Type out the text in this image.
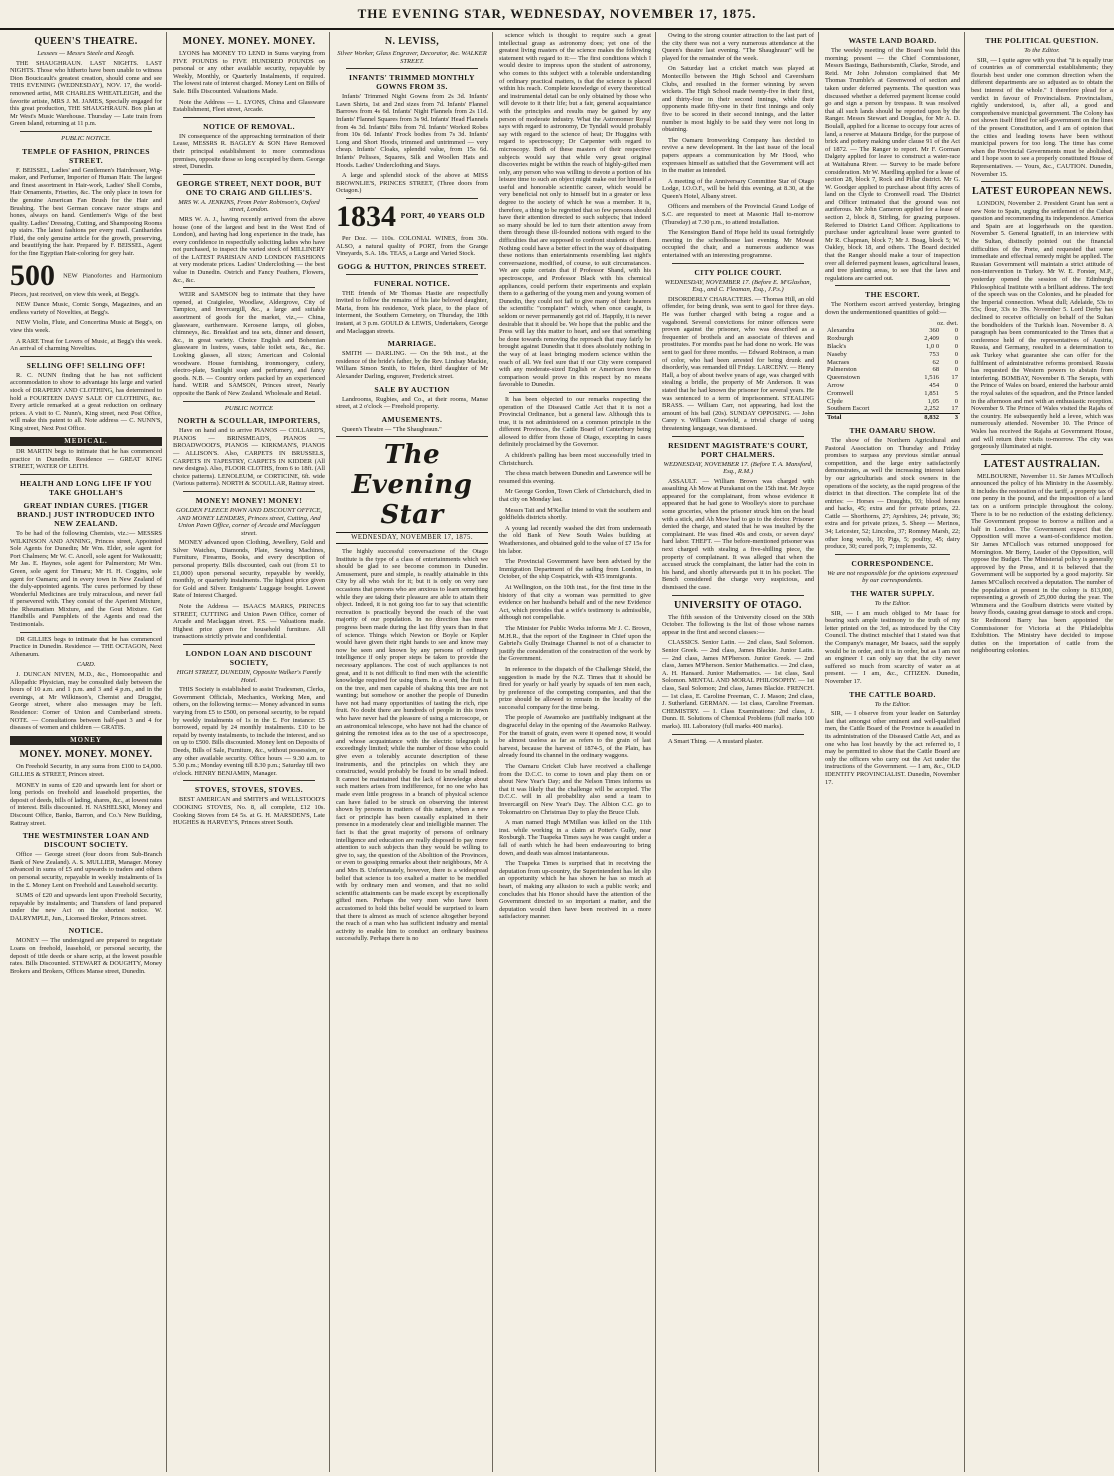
THE EVENING STAR, WEDNESDAY, NOVEMBER 17, 1875.
QUEEN'S THEATRE.
Lessees — Messrs Steele and Keogh.

THE SHAUGHRAUN. LAST NIGHTS. LAST NIGHTS. Those who hitherto have been unable to witness Dion Boucicault's greatest creation, should come and see THIS EVENING (WEDNESDAY), NOV. 17, the world-renowned artist, MR CHARLES WHEATLEIGH, and the favorite artiste, MRS J. M. JAMES, Specially engaged for this great production, THE SHAUGHRAUN. Box plan at Mr West's Music Warehouse. Thursday — Late train from Green Island, returning at 11 p.m.

PUBLIC NOTICE.
TEMPLE OF FASHION, PRINCES STREET.

F. BEISSEL, Ladies' and Gentlemen's Hairdresser, Wig-maker, and Perfumer, Importer of Human Hair. The largest and finest assortment in Hair-work, Ladies' Shell Combs, Hair Ornaments, Frisettes, &c. The only place in town for the genuine American Fan Brush for the Hair and Brushing. The best German concave razor straps and hones, always on hand. Gentlemen's Wigs of the best quality. Ladies' Dressing, Cutting, and Shampooing Rooms up stairs. The latest fashions per every mail. Cantharides Fluid, the only genuine article for the growth, preserving, and beautifying the hair. Prepared by F. BEISSEL, Agent for the fine Egyptian Hair-coloring for grey hair.

500 NEW Pianofortes and Harmonium Pieces, just received, on view this week, at Begg's.

NEW Dance Music, Comic Songs, Magazines, and an endless variety of Novelties, at Begg's.

NEW Violin, Flute, and Concertina Music at Begg's, on view this week.

A RARE Treat for Lovers of Music, at Begg's this week. An arrival of charming Novelties.

SELLING OFF! SELLING OFF!

R. C. NUNN finding that he has not sufficient accommodation to show to advantage his large and varied stock of DRAPERY AND CLOTHING, has determined to hold a FOURTEEN DAYS' SALE OF CLOTHING, &c. Every article remarked at a great reduction on ordinary prices. A visit to C. Nunn's, King street, next Post Office, will make this patent to all. Note address — C. NUNN'S, King street, Next Post Office.

MEDICAL.

DR MARTIN begs to intimate that he has commenced practice in Dunedin. Residence — GREAT KING STREET, WATER OF LEITH.

HEALTH AND LONG LIFE IF YOU TAKE GHOLLAH'S
GREAT INDIAN CURES. [TIGER BRAND.] JUST INTRODUCED INTO NEW ZEALAND.

To be had of the following Chemists, viz.:— MESSRS WILKINSON AND ANNING, Princes street, Appointed Sole Agents for Dunedin; Mr Wm. Elder, sole agent for Port Chalmers; Mr W. C. Ancell, sole agent for Waikouaiti; Mr Jas. E. Haynes, sole agent for Palmerston; Mr Wm. Green, sole agent for Timaru; Mr H. H. Coggins, sole agent for Oamaru; and in every town in New Zealand of the duly-appointed agents. The cures performed by these Wonderful Medicines are truly miraculous, and never fail if persevered with. They consist of the Aperient Mixture, the Rheumatism Mixture, and the Gout Mixture. Get Handbills and Pamphlets of the Agents and read the Testimonials.

DR GILLIES begs to intimate that he has commenced Practice in Dunedin. Residence — THE OCTAGON, Next Athenæum.

CARD.

J. DUNCAN NIVEN, M.D., &c., Homoeopathic and Allopathic Physician, may be consulted daily between the hours of 10 a.m. and 1 p.m. and 3 and 4 p.m., and in the evenings, at Mr Wilkinson's, Chemist and Druggist, George street, where also messages may be left. Residence: Corner of Union and Cumberland streets. NOTE. — Consultations between half-past 3 and 4 for diseases of women and children — GRATIS.

MONEY
MONEY. MONEY. MONEY.

On Freehold Security, in any sums from £100 to £4,000. GILLIES & STREET, Princes street.

MONEY in sums of £20 and upwards lent for short or long periods on freehold and leasehold properties, the deposit of deeds, bills of lading, shares, &c., at lowest rates of interest. Bills discounted. H. NASHELSKI, Money and Discount Office, Banks, Barron, and Co.'s New Building, Rattray street.

THE WESTMINSTER LOAN AND DISCOUNT SOCIETY.

Office — George street (four doors from Sub-Branch Bank of New Zealand). A. S. MULLIER, Manager. Money advanced in sums of £5 and upwards to traders and others on personal security, repayable in weekly instalments of 1s in the £. Money Lent on Freehold and Leasehold security.

SUMS of £20 and upwards lent upon Freehold Security, repayable by instalments; and Transfers of land prepared under the new Act on the shortest notice. W. DALRYMPLE, Jun., Licensed Broker, Princes street.

NOTICE.

MONEY — The undersigned are prepared to negotiate Loans on freehold, leasehold, or personal security, the deposit of title deeds or share scrip, at the lowest possible rates. Bills Discounted. STEWART & DOUGHTY, Money Brokers and Brokers, Offices Manse street, Dunedin.

MONEY. MONEY. MONEY.

LYONS has MONEY TO LEND in Sums varying from FIVE POUNDS to FIVE HUNDRED POUNDS on personal or any other available security, repayable by Weekly, Monthly, or Quarterly Instalments, if required. The lowest rate of interest charged. Money Lent on Bills of Sale. Bills Discounted. Valuations Made.

Note the Address — L. LYONS, China and Glassware Establishment, Fleet street, Arcade.

NOTICE OF REMOVAL.

IN consequence of the approaching termination of their Lease, MESSRS R. BAGLEY & SON Have Removed their principal establishment to more commodious premises, opposite those so long occupied by them. George street, Dunedin.

GEORGE STREET, NEXT DOOR, BUT ONE TO CRAIG AND GILLIES'S.
MRS W. A. JENKINS, From Peter Robinson's, Oxford street, London.

MRS W. A. J., having recently arrived from the above house (one of the largest and best in the West End of London), and having had long experience in the trade, has every confidence in respectfully soliciting ladies who have not purchased, to inspect the varied stock of MILLINERY of the LATEST PARISIAN AND LONDON FASHIONS at very moderate prices. Ladies' Underclothing — the best value in Dunedin. Ostrich and Fancy Feathers, Flowers, &c., &c.

WEIR and SAMSON beg to intimate that they have opened, at Craigielee, Woodlaw, Aldergrove, City of Tampico, and Invercargill, &c., a large and suitable assortment of goods for the market, viz.,— China, glassware, earthenware. Kerosene lamps, oil globes, chimneys, &c. Breakfast and tea sets, dinner and dessert, &c., in great variety. Choice English and Bohemian glassware in lustres, vases, table toilet sets, &c., &c. Looking glasses, all sizes; American and Colonial woodware. House furnishing, ironmongery, cutlery, electro-plate, Sunlight soap and perfumery, and fancy goods. N.B. — Country orders packed by an experienced hand. WEIR and SAMSON, Princes street, Nearly opposite the Bank of New Zealand. Wholesale and Retail.

PUBLIC NOTICE
NORTH & SCOULLAR, IMPORTERS,

Have on hand and to arrive PIANOS — COLLARD'S, PIANOS — BRINSMEAD'S, PIANOS — BROADWOOD'S, PIANOS — KIRKMAN'S, PIANOS — ALLISON'S. Also, CARPETS IN BRUSSELS, CARPETS IN TAPESTRY, CARPETS IN KIDDER (All new designs). Also, FLOOR CLOTHS, from 6 to 18ft. (All choice patterns). LENOLEUM, or CORTICINE, 6ft. wide (Various patterns). NORTH & SCOULLAR, Rattray street.

MONEY! MONEY! MONEY!
GOLDEN FLEECE PAWN AND DISCOUNT OFFICE, AND MONEY LENDERS, Princes street, Cutting, And Union Pawn Office, corner of Arcade and Maclaggan street.

MONEY advanced upon Clothing, Jewellery, Gold and Silver Watches, Diamonds, Plate, Sewing Machines, Furniture, Firearms, Books, and every description of personal property. Bills discounted, cash out (from £1 to £1,000) upon personal security, repayable by weekly, monthly, or quarterly instalments. The highest price given for Gold and Silver. Emigrants' Luggage bought. Lowest Rate of Interest Charged.

Note the Address — ISAACS MARKS, PRINCES STREET, CUTTING and Union Pawn Office, corner of Arcade and Maclaggan street. P.S. — Valuations made. Highest price given for household furniture. All transactions strictly private and confidential.

LONDON LOAN AND DISCOUNT SOCIETY,
HIGH STREET, DUNEDIN, Opposite Walker's Family Hotel.

THIS Society is established to assist Tradesmen, Clerks, Government Officials, Mechanics, Working Men, and others, on the following terms:— Money advanced in sums varying from £5 to £500, on personal security, to be repaid by weekly instalments of 1s in the £. For instance: £5 borrowed, repaid by 24 monthly instalments. £10 to be repaid by twenty instalments, to include the interest, and so on up to £500. Bills discounted. Money lent on Deposits of Deeds, Bills of Sale, Furniture, &c., without possession, or any other available security. Office hours — 9.30 a.m. to 5.30 p.m.; Monday evening till 8.30 p.m.; Saturday till two o'clock. HENRY BENJAMIN, Manager.

STOVES, STOVES, STOVES.

BEST AMERICAN and SMITH'S and WELLSTOOD'S COOKING STOVES, No. 8, all complete, £12 10s. Cooking Stoves from £4 5s. at G. H. MARSDEN'S, Late HUGHES & HARVEY'S, Princes street South.

N. LEVISS,
Silver Worker, Glass Engraver, Decorator, &c. WALKER STREET.
INFANTS' TRIMMED MONTHLY GOWNS FROM 3S.

Infants' Trimmed Night Gowns from 2s 3d. Infants' Lawn Shirts, 1st and 2nd sizes from 7d. Infants' Flannel Barrows from 4s 6d. Infants' Night Flannels from 2s 11d. Infants' Flannel Squares from 3s 9d. Infants' Head Flannels from 4s 3d. Infants' Bibs from 7d. Infants' Worked Robes from 10s 6d. Infants' Frock bodies from 7s 3d. Infants' Long and Short Hoods, trimmed and untrimmed — very cheap. Infants' Cloaks, splendid value, from 15s 6d. Infants' Pelisses, Squares, Silk and Woollen Hats and Hoods. Ladies' Underclothing and Stays.

A large and splendid stock of the above at MISS BROWNLIE'S, PRINCES STREET, (Three doors from Octagon.)

1834 PORT, 40 YEARS OLD

Per Doz. — 110s. COLONIAL WINES, from 30s. ALSO, a natural quality of PORT, from the Grange Vineyards, S.A. 18s. TEAS, a Large and Varied Stock.

GOGG & HUTTON, PRINCES STREET.
FUNERAL NOTICE.

THE friends of Mr Thomas Hastie are respectfully invited to follow the remains of his late beloved daughter, Maria, from his residence, York place, to the place of interment, the Southern Cemetery, on Thursday, the 18th instant, at 3 p.m. GOULD & LEWIS, Undertakers, George and Maclaggan streets.

MARRIAGE.

SMITH — DARLING. — On the 9th inst., at the residence of the bride's father, by the Rev. Lindsay Mackie, William Simon Smith, to Helen, third daughter of Mr Alexander Darling, engraver, Frederick street.

SALE BY AUCTION

Landrooms, Rugbies, and Co., at their rooms, Manse street, at 2 o'clock — Freehold property.

AMUSEMENTS.

Queen's Theatre — "The Shaughraun."

The Evening Star
WEDNESDAY, NOVEMBER 17, 1875.

The highly successful conversazione of the Otago Institute is the type of a class of entertainments which we should be glad to see become common in Dunedin. Amusement, pure and simple, is readily attainable in this City by all who wish for it; but it is only on very rare occasions that persons who are anxious to learn something while they are taking their pleasure are able to attain their object. Indeed, it is not going too far to say that scientific recreation is practically beyond the reach of the vast majority of our population. In no direction has more progress been made during the last fifty years than in that of science. Things which Newton or Boyle or Kepler would have given their right hands to see and know may now be seen and known by any persons of ordinary intelligence if only proper steps be taken to provide the necessary appliances. The cost of such appliances is not great, and it is not difficult to find men with the scientific knowledge required for using them. In a word, the fruit is on the tree, and men capable of shaking this tree are not wanting; but somehow or another the people of Dunedin have not had many opportunities of tasting the rich, ripe fruit. No doubt there are hundreds of people in this town who have never had the pleasure of using a microscope, or an astronomical telescope, who have not had the chance of gaining the remotest idea as to the use of a spectroscope, and whose acquaintance with the electric telegraph is exceedingly limited; while the number of those who could give even a tolerably accurate description of these instruments, and the principles on which they are constructed, would probably be found to be small indeed. It cannot be maintained that the lack of knowledge about such matters arises from indifference, for no one who has made even little progress in a branch of physical science can have failed to be struck on observing the interest shown by persons in matters of this nature, when a new fact or principle has been casually explained in their presence in a moderately clear and intelligible manner. The fact is that the great majority of persons of ordinary intelligence and education are really disposed to pay more attention to such subjects than they would be willing to give to, say, the question of the Abolition of the Provinces, or even to gossiping remarks about their neighbours, Mr A and Mrs B. Unfortunately, however, there is a widespread belief that science is too exalted a matter to be meddled with by ordinary men and women, and that no solid scientific attainments can be made except by exceptionally gifted men. Perhaps the very men who have been accustomed to hold this belief would be surprised to learn that there is almost as much of science altogether beyond the reach of a man who has sufficient industry and mental activity to enable him to conduct an ordinary business successfully. Perhaps there is no

science which is thought to require such a great intellectual grasp as astronomy does; yet one of the greatest living masters of the science makes the following statement with regard to it:— The first conditions which I would desire to impress upon the student of astronomy, who comes to this subject with a tolerable understanding of ordinary practical matters, is that the science is placed within his reach. Complete knowledge of every theoretical and instrumental detail can be only obtained by those who will devote to it their life; but a fair, general acquaintance with the principles and results may be gained by any person of moderate industry. What the Astronomer Royal says with regard to astronomy, Dr Tyndall would probably say with regard to the science of heat; Dr Huggins with regard to spectroscopy; Dr Carpenter with regard to microscopy. Both of these masters of their respective subjects would say that while very great original discoveries might be within the reach of highly-gifted men only, any person who was willing to devote a portion of his leisure time to such an object might make out for himself a useful and honorable scientific career, which would be very beneficial not only to himself but in a greater or less degree to the society of which he was a member. It is, therefore, a thing to be regretted that so few persons should have their attention directed to such subjects; that indeed so many should be led to turn their attention away from them through these ill-founded notions with regard to the difficulties that are supposed to confront students of them. Nothing could have a better effect in the way of dissipating these notions than entertainments resembling last night's conversazione, modified, of course, to suit circumstances. We are quite certain that if Professor Shand, with his spectroscope, and Professor Black with his chemical appliances, could perform their experiments and explain them to a gathering of the young men and young women of Dunedin, they could not fail to give many of their hearers the scientific "complaint" which, when once caught, is seldom or never permanently got rid of. Happily, it is never desirable that it should be. We hope that the public and the Press will lay this matter to heart, and see that something be done towards removing the reproach that may fairly be brought against Dunedin that it does absolutely nothing in the way of at least bringing modern science within the reach of all. We feel sure that if our City were compared with any moderate-sized English or American town the comparison would prove in this respect by no means favorable to Dunedin.

It has been objected to our remarks respecting the operation of the Diseased Cattle Act that it is not a Provincial Ordinance, but a general law. Although this is true, it is not administered on a common principle in the different Provinces, the Cattle Board of Canterbury being allowed to differ from those of Otago, excepting in cases definitely proclaimed by the Governor.

A children's palling has been most successfully tried in Christchurch.

The chess match between Dunedin and Lawrence will be resumed this evening.

Mr George Gordon, Town Clerk of Christchurch, died in that city on Monday last.

Messrs Tait and M'Kellar intend to visit the southern and goldfields districts shortly.

A young lad recently washed the dirt from underneath the old Bank of New South Wales building at Weatherstones, and obtained gold to the value of £7 15s for his labor.

The Provincial Government have been advised by the Immigration Department of the sailing from London, in October, of the ship Cospatrick, with 435 immigrants.

At Wellington, on the 10th inst., for the first time in the history of that city a woman was permitted to give evidence on her husband's behalf and of the new Evidence Act, which provides that a wife's testimony is admissible, although not compellable.

The Minister for Public Works informs Mr J. C. Brown, M.H.R., that the report of the Engineer in Chief upon the Gabriel's Gully Drainage Channel is not of a character to justify the consideration of the construction of the work by the Government.

In reference to the dispatch of the Challenge Shield, the suggestion is made by the N.Z. Times that it should be fired for yearly or half yearly by squads of ten men each, by preference of the competing companies, and that the prize should be allowed to remain in the locality of the successful company for the time being.

The people of Awamoko are justifiably indignant at the disgraceful delay in the opening of the Awamoko Railway. For the transit of grain, even were it opened now, it would be almost useless as far as refers to the grain of last harvest, because the harvest of 1874-5, of the Plain, has already found its channel in the ordinary waggons.

The Oamaru Cricket Club have received a challenge from the D.C.C. to come to town and play them on or about New Year's Day; and the Nelson Times informs us that it was likely that the challenge will be accepted. The D.C.C. will in all probability also send a team to Invercargill on New Year's Day. The Albion C.C. go to Tokomairiro on Christmas Day to play the Bruce Club.

A man named Hugh M'Millan was killed on the 11th inst. while working in a claim at Potter's Gully, near Roxburgh. The Tuapeka Times says he was caught under a fall of earth which he had been endeavouring to bring down, and death was almost instantaneous.

The Tuapeka Times is surprised that in receiving the deputation from up-country, the Superintendent has let slip an opportunity which he has shown he has so much at heart, of making any allusion to such a public work; and concludes that his Honor should have the attention of the Government directed to so important a matter, and the deputation would then have been received in a more satisfactory manner.

Owing to the strong counter attraction to the last part of the city there was not a very numerous attendance at the Queen's theatre last evening. "The Shaughraun" will be played for the remainder of the week.

On Saturday last a cricket match was played at Montecillo between the High School and Caversham Clubs, and resulted in the former winning by seven wickets. The High School made twenty-five in their first, and thirty-four in their second innings, while their opponents made fifty-one in their first innings and only five to be scored in their second innings, and the latter number is most highly to be said they were not long in obtaining.

The Oamaru Ironworking Company has decided to revive a new development. In the last issue of the local papers appears a communication by Mr Hood, who expresses himself as satisfied that the Government will act in the matter as intended.

A meeting of the Anniversary Committee Star of Otago Lodge, I.O.O.F., will be held this evening, at 8.30, at the Queen's Hotel, Albany street.

Officers and members of the Provincial Grand Lodge of S.C. are requested to meet at Masonic Hall to-morrow (Thursday) at 7.30 p.m., to attend installation.

The Kensington Band of Hope held its usual fortnightly meeting in the schoolhouse last evening. Mr Mowat occupied the chair, and a numerous audience was entertained with an interesting programme.

CITY POLICE COURT.
WEDNESDAY, NOVEMBER 17. (Before E. M'Glashan, Esq., and C. Fleaman, Esq., J.P.s.)

DISORDERLY CHARACTERS. — Thomas Hill, an old offender, for being drunk, was sent to gaol for three days. He was further charged with being a rogue and a vagabond. Several convictions for minor offences were proven against the prisoner, who was described as a frequenter of brothels and an associate of thieves and prostitutes. For months past he had done no work. He was sent to gaol for three months. — Edward Robinson, a man of color, who had been arrested for being drunk and disorderly, was remanded till Friday. LARCENY. — Henry Hall, a boy of about twelve years of age, was charged with stealing a bridle, the property of Mr Anderson. It was stated that he had known the prisoner for several years. He was sentenced to a term of imprisonment. STEALING BRASS. — William Carr, not appearing, had lost the amount of his bail (20s). SUNDAY OPPOSING. — John Carey v. William Crawfold, a trivial charge of using threatening language, was dismissed.

RESIDENT MAGISTRATE'S COURT, PORT CHALMERS.
WEDNESDAY, NOVEMBER 17. (Before T. A. Mansford, Esq., R.M.)

ASSAULT. — William Brown was charged with assaulting Ah Mow at Purakanui on the 15th inst. Mr Joyce appeared for the complainant, from whose evidence it appeared that he had gone to Woolley's store to purchase some groceries, when the prisoner struck him on the head with a stick, and Ah Mow had to go to the doctor. Prisoner denied the charge, and stated that he was insulted by the complainant. He was fined 40s and costs, or seven days' hard labor. THEFT. — The before-mentioned prisoner was next charged with stealing a five-shilling piece, the property of complainant. It was alleged that when the accused struck the complainant, the latter had the coin in his hand, and shortly afterwards put it in his pocket. The Bench considered the charge very suspicious, and dismissed the case.

UNIVERSITY OF OTAGO.

The fifth session of the University closed on the 30th October. The following is the list of those whose names appear in the first and second classes:—

CLASSICS. Senior Latin. — 2nd class, Saul Solomon. Senior Greek. — 2nd class, James Blackie. Junior Latin. — 2nd class, James M'Pherson. Junior Greek. — 2nd class, James M'Pherson. Senior Mathematics. — 2nd class, A. H. Hansard. Junior Mathematics. — 1st class, Saul Solomon. MENTAL AND MORAL PHILOSOPHY. — 1st class, Saul Solomon; 2nd class, James Blackie. FRENCH. — 1st class, E. Caroline Freeman, C. J. Mason; 2nd class, J. Sutherland. GERMAN. — 1st class, Caroline Freeman. CHEMISTRY. — I. Class Examinations: 2nd class, J. Dunn. II. Solutions of Chemical Problems (full marks 100 marks). III. Laboratory (full marks 400 marks).

A Smart Thing. — A mustard plaster.

WASTE LAND BOARD.

The weekly meeting of the Board was held this morning; present — the Chief Commissioner, Messrs Bastings, Bathurstsmith, Clarke, Strode, and Reid. Mr John Johnston complained that Mr Thomas Trumble's at Greenwood of section and taken under deferred payments. The question was discussed whether a deferred payment license could go and sign a person by trespass. It was resolved that all such lands should be reported upon by the Ranger. Messrs Stewart and Douglas, for Mr A. D. Boulall, applied for a license to occupy four acres of land, a reserve at Mataura Bridge, for the purpose of brick and pottery making under clause 91 of the Act of 1872. — The Ranger to report. Mr F. Gorman Dalgety applied for leave to construct a water-race at Waitahuna River. — Survey to be made before consideration. Mr W. Mardling applied for a lease of section 28, block 7, Rock and Pillar district. Mr G. W. Goodger applied to purchase about fifty acres of land on the Clyde to Cromwell road. The District and Officer intimated that the ground was not auriferous. Mr John Cameron applied for a lease of section 2, block 8, Stirling, for grazing purposes. Referred to District Land Officer. Applications to purchase under agricultural lease were granted to Mr R. Chapman, block 7; Mr J. Boag, block 5; W. Oakley, block 18, and others. The Board decided that the Ranger should make a tour of inspection over all deferred payment leases, agricultural leases, and tree planting areas, to see that the laws and regulations are carried out.

THE ESCORT.

The Northern escort arrived yesterday, bringing down the undermentioned quantities of gold:—

	oz. dwt.	
Alexandra	360	0
Roxburgh	2,409	0
Black's	1,0 0	0
Naseby	753	0
Macraes	62	0
Palmerston	68	0
Queenstown	1,516	17
Arrow	454	0
Cromwell	1,851	5
Clyde	1,05	0
Southern Escort	2,252	17
Total	8,832	3
THE OAMARU SHOW.

The show of the Northern Agricultural and Pastoral Association on Thursday and Friday promises to surpass any previous similar annual competition, and the large entry satisfactorily demonstrates, as well the increasing interest taken by our agriculturists and stock owners in the operations of the society, as the rapid progress of the district in that direction. The complete list of the entries: — Horses — Draughts, 93; blood horses and hacks, 45; extra and for private prizes, 22. Cattle — Shorthorns, 27; Ayrshires, 24; private, 36; extra and for private prizes, 5. Sheep — Merinos, 34; Leicester, 52; Lincolns, 37; Romney Marsh, 22; other long wools, 10; Pigs, 5; poultry, 45; dairy produce, 30; cured pork, 7; implements, 32.

CORRESPONDENCE.
We are not responsible for the opinions expressed by our correspondents.
THE WATER SUPPLY.
To the Editor.

SIR, — I am much obliged to Mr Isaac for bearing such ample testimony to the truth of my letter printed on the 3rd, as introduced by the City Council. The distinct mischief that I stated was that the Company's manager, Mr Isaacs, said the supply would be in order, and it is in order, but as I am not an engineer I can only say that the city never suffered so much from scarcity of water as at present. — I am, &c., CITIZEN. Dunedin, November 17.

THE CATTLE BOARD.
To the Editor.

SIR, — I observe from your leader on Saturday last that amongst other eminent and well-qualified men, the Cattle Board of the Province is assailed in its administration of the Diseased Cattle Act, and as one who has lost heavily by the act referred to, I may be permitted to show that the Cattle Board are only the officers who carry out the Act under the instructions of the Government. — I am, &c., OLD IDENTITY PROVINCIALIST. Dunedin, November 17.

THE POLITICAL QUESTION.
To the Editor.

SIR, — I quite agree with you that "it is equally true of countries as of commercial establishments; they flourish best under one common direction when the different departments are so adjusted as to obtain the best interest of the whole." I therefore plead for a verdict in favour of Provincialism. Provincialism, rightly understood, is, after all, a good and comprehensive municipal government. The Colony has not shown itself fitted for self-government on the lines of the present Constitution, and I am of opinion that the cities and leading towns have been without municipal powers for too long. The time has come when the Provincial Governments must be abolished, and I hope soon to see a properly constituted House of Representatives. — Yours, &c., CAUTION. Dunedin, November 15.

LATEST EUROPEAN NEWS.

LONDON, November 2. President Grant has sent a new Note to Spain, urging the settlement of the Cuban question and recommending its independence. America and Spain are at loggerheads on the question. November 5. General Ignatieff, in an interview with the Sultan, distinctly pointed out the financial difficulties of the Porte, and requested that some immediate and effectual remedy might be applied. The Russian Government will maintain a strict attitude of non-intervention in Turkey. Mr W. E. Forster, M.P., yesterday opened the session of the Edinburgh Philosophical Institute with a brilliant address. The text of the speech was on the Colonies, and he pleaded for the Imperial connection. Wheat dull; Adelaide, 53s to 55s; flour, 33s to 39s. November 5. Lord Derby has declined to receive officially on behalf of the Sultan the bondholders of the Turkish loan. November 8. A paragraph has been communicated to the Times that a conference held of the representatives of Austria, Russia, and Germany, resulted in a determination to ask Turkey what guarantee she can offer for the fulfilment of administrative reforms promised. Russia has requested the Western powers to abstain from interfering. BOMBAY, November 8. The Serapis, with the Prince of Wales on board, entered the harbour amid the royal salutes of the squadron, and the Prince landed in the afternoon and met with an enthusiastic reception. November 9. The Prince of Wales visited the Rajahs of the country. He subsequently held a levee, which was numerously attended. November 10. The Prince of Wales has received the Rajahs at Government House, and will return their visits to-morrow. The city was gorgeously illuminated at night.

LATEST AUSTRALIAN.

MELBOURNE, November 11. Sir James M'Culloch announced the policy of his Ministry in the Assembly. It includes the restoration of the tariff, a property tax of one penny in the pound, and the imposition of a land tax on a uniform principle throughout the colony. There is to be no reduction of the existing deficiency. The Government propose to borrow a million and a half in London. The Government expect that the Opposition will move a want-of-confidence motion. Sir James M'Culloch was returned unopposed for Mornington. Mr Berry, Leader of the Opposition, will oppose the Budget. The Ministerial policy is generally approved by the Press, and it is believed that the Government will be supported by a good majority. Sir James M'Culloch received a deputation. The number of the population at present in the colony is 813,000, representing a growth of 25,000 during the year. The Wimmera and the Goulburn districts were visited by heavy floods, causing great damage to stock and crops. Sir Redmond Barry has been appointed the Commissioner for Victoria at the Philadelphia Exhibition. The Ministry have decided to impose duties on the importation of cattle from the neighbouring colonies.
